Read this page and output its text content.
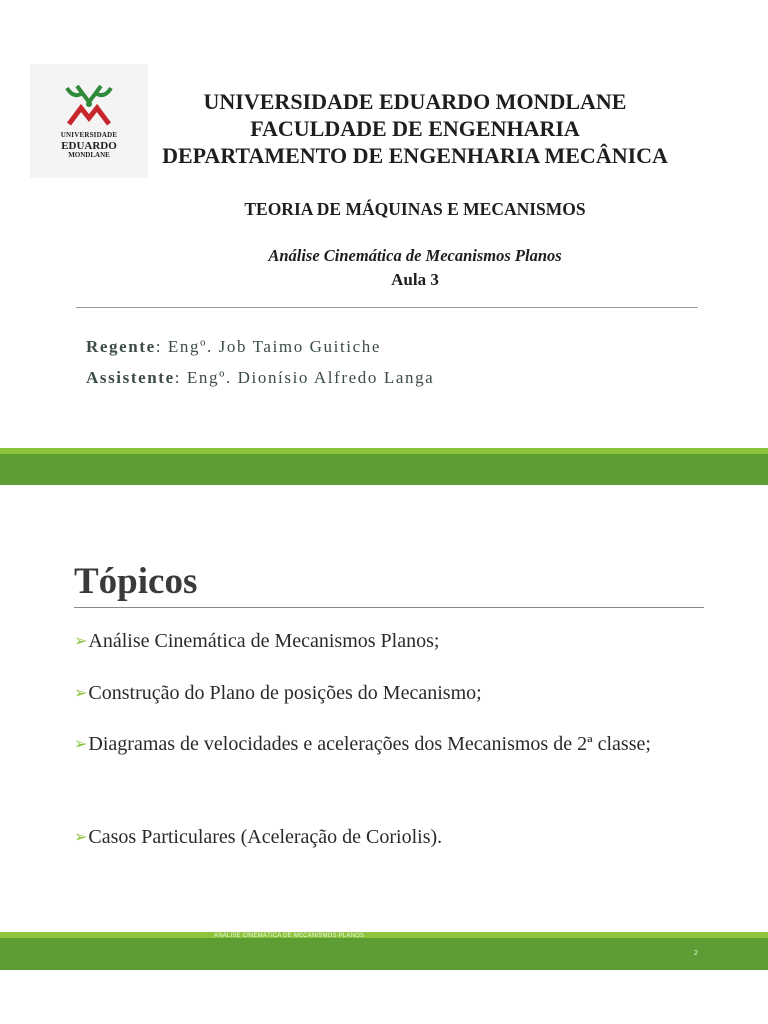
UNIVERSIDADE
EDUARDO
MONDLANE
UNIVERSIDADE EDUARDO MONDLANE
FACULDADE DE ENGENHARIA
DEPARTAMENTO DE ENGENHARIA MECÂNICA
TEORIA DE MÁQUINAS E MECANISMOS
Análise Cinemática de Mecanismos Planos
Aula 3
Regente: Engº. Job Taimo Guitiche
Assistente: Engº. Dionísio Alfredo Langa
Tópicos
➢Análise Cinemática de Mecanismos Planos;
➢Construção do Plano de posições do Mecanismo;
➢Diagramas de velocidades e acelerações dos Mecanismos de 2ª classe;
➢Casos Particulares (Aceleração de Coriolis).
ANÁLISE CINEMÁTICA DE MECANISMOS PLANOS
2
